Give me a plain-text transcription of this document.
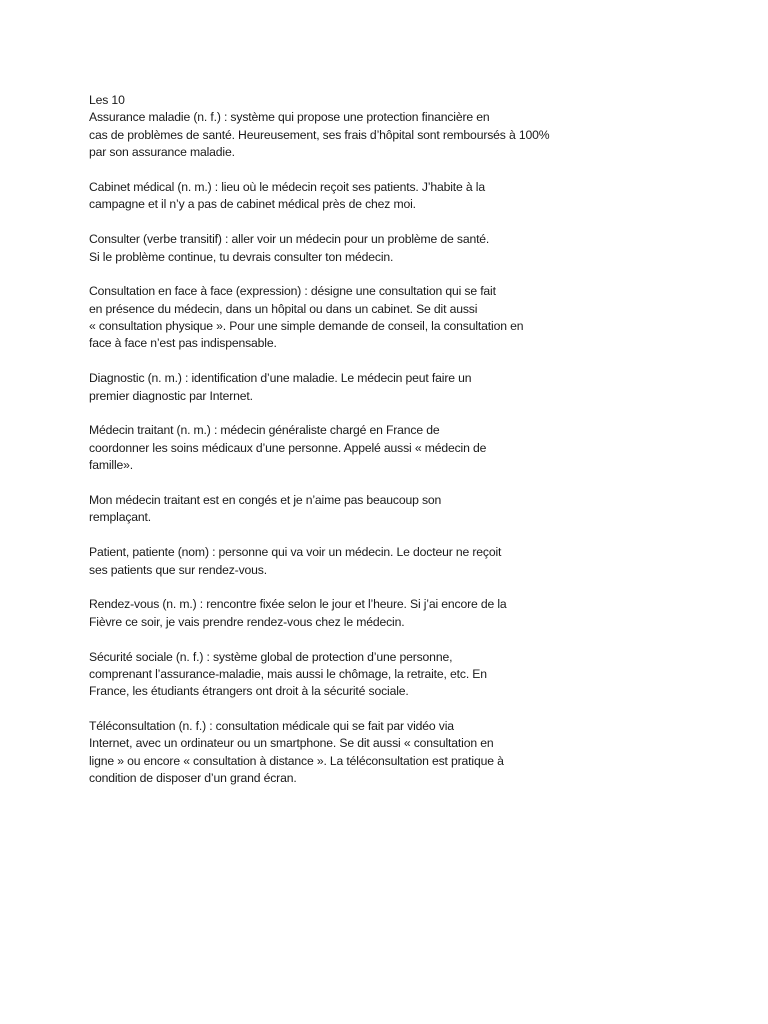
Les 10
Assurance maladie (n. f.) : système qui propose une protection financière en
cas de problèmes de santé. Heureusement, ses frais d’hôpital sont remboursés à 100%
par son assurance maladie.
Cabinet médical (n. m.) : lieu où le médecin reçoit ses patients. J’habite à la
campagne et il n’y a pas de cabinet médical près de chez moi.
Consulter (verbe transitif) : aller voir un médecin pour un problème de santé.
Si le problème continue, tu devrais consulter ton médecin.
Consultation en face à face (expression) : désigne une consultation qui se fait
en présence du médecin, dans un hôpital ou dans un cabinet. Se dit aussi
« consultation physique ». Pour une simple demande de conseil, la consultation en
face à face n’est pas indispensable.
Diagnostic (n. m.) : identification d’une maladie. Le médecin peut faire un
premier diagnostic par Internet.
Médecin traitant (n. m.) : médecin généraliste chargé en France de
coordonner les soins médicaux d’une personne. Appelé aussi « médecin de
famille».
Mon médecin traitant est en congés et je n’aime pas beaucoup son
remplaçant.
Patient, patiente (nom) : personne qui va voir un médecin. Le docteur ne reçoit
ses patients que sur rendez-vous.
Rendez-vous (n. m.) : rencontre fixée selon le jour et l’heure. Si j’ai encore de la
Fièvre ce soir, je vais prendre rendez-vous chez le médecin.
Sécurité sociale (n. f.) : système global de protection d’une personne,
comprenant l’assurance-maladie, mais aussi le chômage, la retraite, etc. En
France, les étudiants étrangers ont droit à la sécurité sociale.
Téléconsultation (n. f.) : consultation médicale qui se fait par vidéo via
Internet, avec un ordinateur ou un smartphone. Se dit aussi « consultation en
ligne » ou encore « consultation à distance ». La téléconsultation est pratique à
condition de disposer d’un grand écran.
